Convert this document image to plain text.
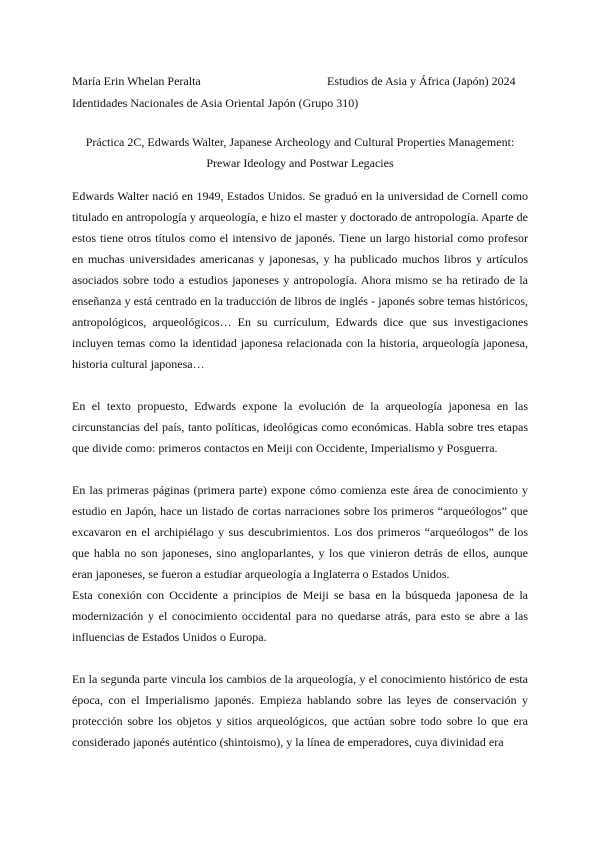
María Erin Whelan Peralta	Estudios de Asia y África (Japón) 2024
Identidades Nacionales de Asia Oriental Japón (Grupo 310)
Práctica 2C, Edwards Walter, Japanese Archeology and Cultural Properties Management:
Prewar Ideology and Postwar Legacies

Edwards Walter nació en 1949, Estados Unidos. Se graduó en la universidad de Cornell como titulado en antropología y arqueología, e hizo el master y doctorado de antropología. Aparte de estos tiene otros títulos como el intensivo de japonés. Tiene un largo historial como profesor en muchas universidades americanas y japonesas, y ha publicado muchos libros y artículos asociados sobre todo a estudios japoneses y antropología. Ahora mismo se ha retirado de la enseñanza y está centrado en la traducción de libros de inglés - japonés sobre temas históricos, antropológicos, arqueológicos… En su currículum, Edwards dice que sus investigaciones incluyen temas como la identidad japonesa relacionada con la historia, arqueología japonesa, historia cultural japonesa…

En el texto propuesto, Edwards expone la evolución de la arqueología japonesa en las circunstancias del país, tanto políticas, ideológicas como económicas. Habla sobre tres etapas que divide como: primeros contactos en Meiji con Occidente, Imperialismo y Posguerra.

En las primeras páginas (primera parte) expone cómo comienza este área de conocimiento y estudio en Japón, hace un listado de cortas narraciones sobre los primeros “arqueólogos” que excavaron en el archipiélago y sus descubrimientos. Los dos primeros “arqueólogos” de los que habla no son japoneses, sino angloparlantes, y los que vinieron detrás de ellos, aunque eran japoneses, se fueron a estudiar arqueología a Inglaterra o Estados Unidos.

Esta conexión con Occidente a principios de Meiji se basa en la búsqueda japonesa de la modernización y el conocimiento occidental para no quedarse atrás, para esto se abre a las influencias de Estados Unidos o Europa.

En la segunda parte vincula los cambios de la arqueología, y el conocimiento histórico de esta época, con el Imperialismo japonés. Empieza hablando sobre las leyes de conservación y protección sobre los objetos y sitios arqueológicos, que actúan sobre todo sobre lo que era considerado japonés auténtico (shintoismo), y la línea de emperadores, cuya divinidad era
